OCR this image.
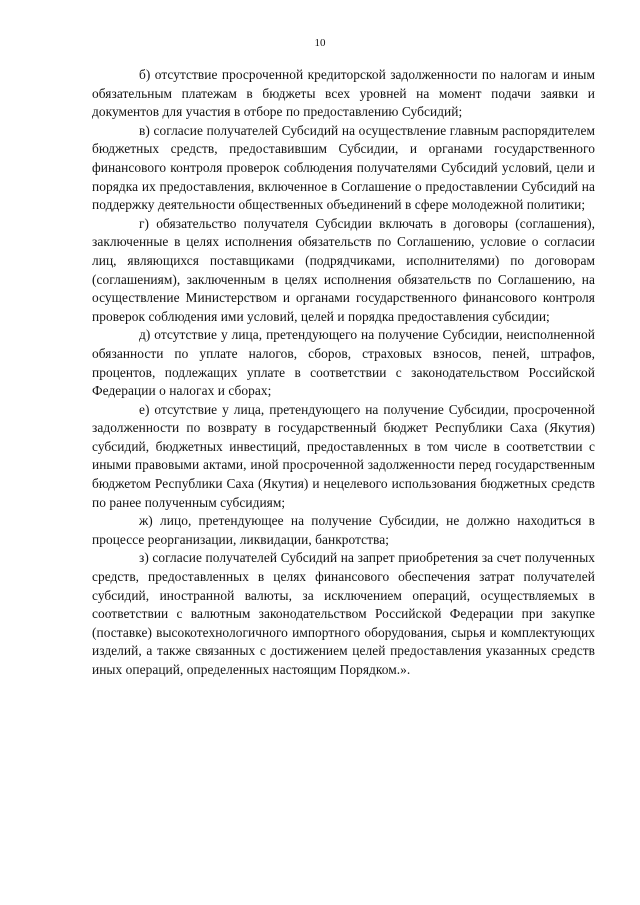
10

б) отсутствие просроченной кредиторской задолженности по налогам и иным обязательным платежам в бюджеты всех уровней на момент подачи заявки и документов для участия в отборе по предоставлению Субсидий;

в) согласие получателей Субсидий на осуществление главным распорядителем бюджетных средств, предоставившим Субсидии, и органами государственного финансового контроля проверок соблюдения получателями Субсидий условий, цели и порядка их предоставления, включенное в Соглашение о предоставлении Субсидий на поддержку деятельности общественных объединений в сфере молодежной политики;

г) обязательство получателя Субсидии включать в договоры (соглашения), заключенные в целях исполнения обязательств по Соглашению, условие о согласии лиц, являющихся поставщиками (подрядчиками, исполнителями) по договорам (соглашениям), заключенным в целях исполнения обязательств по Соглашению, на осуществление Министерством и органами государственного финансового контроля проверок соблюдения ими условий, целей и порядка предоставления субсидии;

д) отсутствие у лица, претендующего на получение Субсидии, неисполненной обязанности по уплате налогов, сборов, страховых взносов, пеней, штрафов, процентов, подлежащих уплате в соответствии с законодательством Российской Федерации о налогах и сборах;

е) отсутствие у лица, претендующего на получение Субсидии, просроченной задолженности по возврату в государственный бюджет Республики Саха (Якутия) субсидий, бюджетных инвестиций, предоставленных в том числе в соответствии с иными правовыми актами, иной просроченной задолженности перед государственным бюджетом Республики Саха (Якутия) и нецелевого использования бюджетных средств по ранее полученным субсидиям;

ж) лицо, претендующее на получение Субсидии, не должно находиться в процессе реорганизации, ликвидации, банкротства;

з) согласие получателей Субсидий на запрет приобретения за счет полученных средств, предоставленных в целях финансового обеспечения затрат получателей субсидий, иностранной валюты, за исключением операций, осуществляемых в соответствии с валютным законодательством Российской Федерации при закупке (поставке) высокотехнологичного импортного оборудования, сырья и комплектующих изделий, а также связанных с достижением целей предоставления указанных средств иных операций, определенных настоящим Порядком.».
